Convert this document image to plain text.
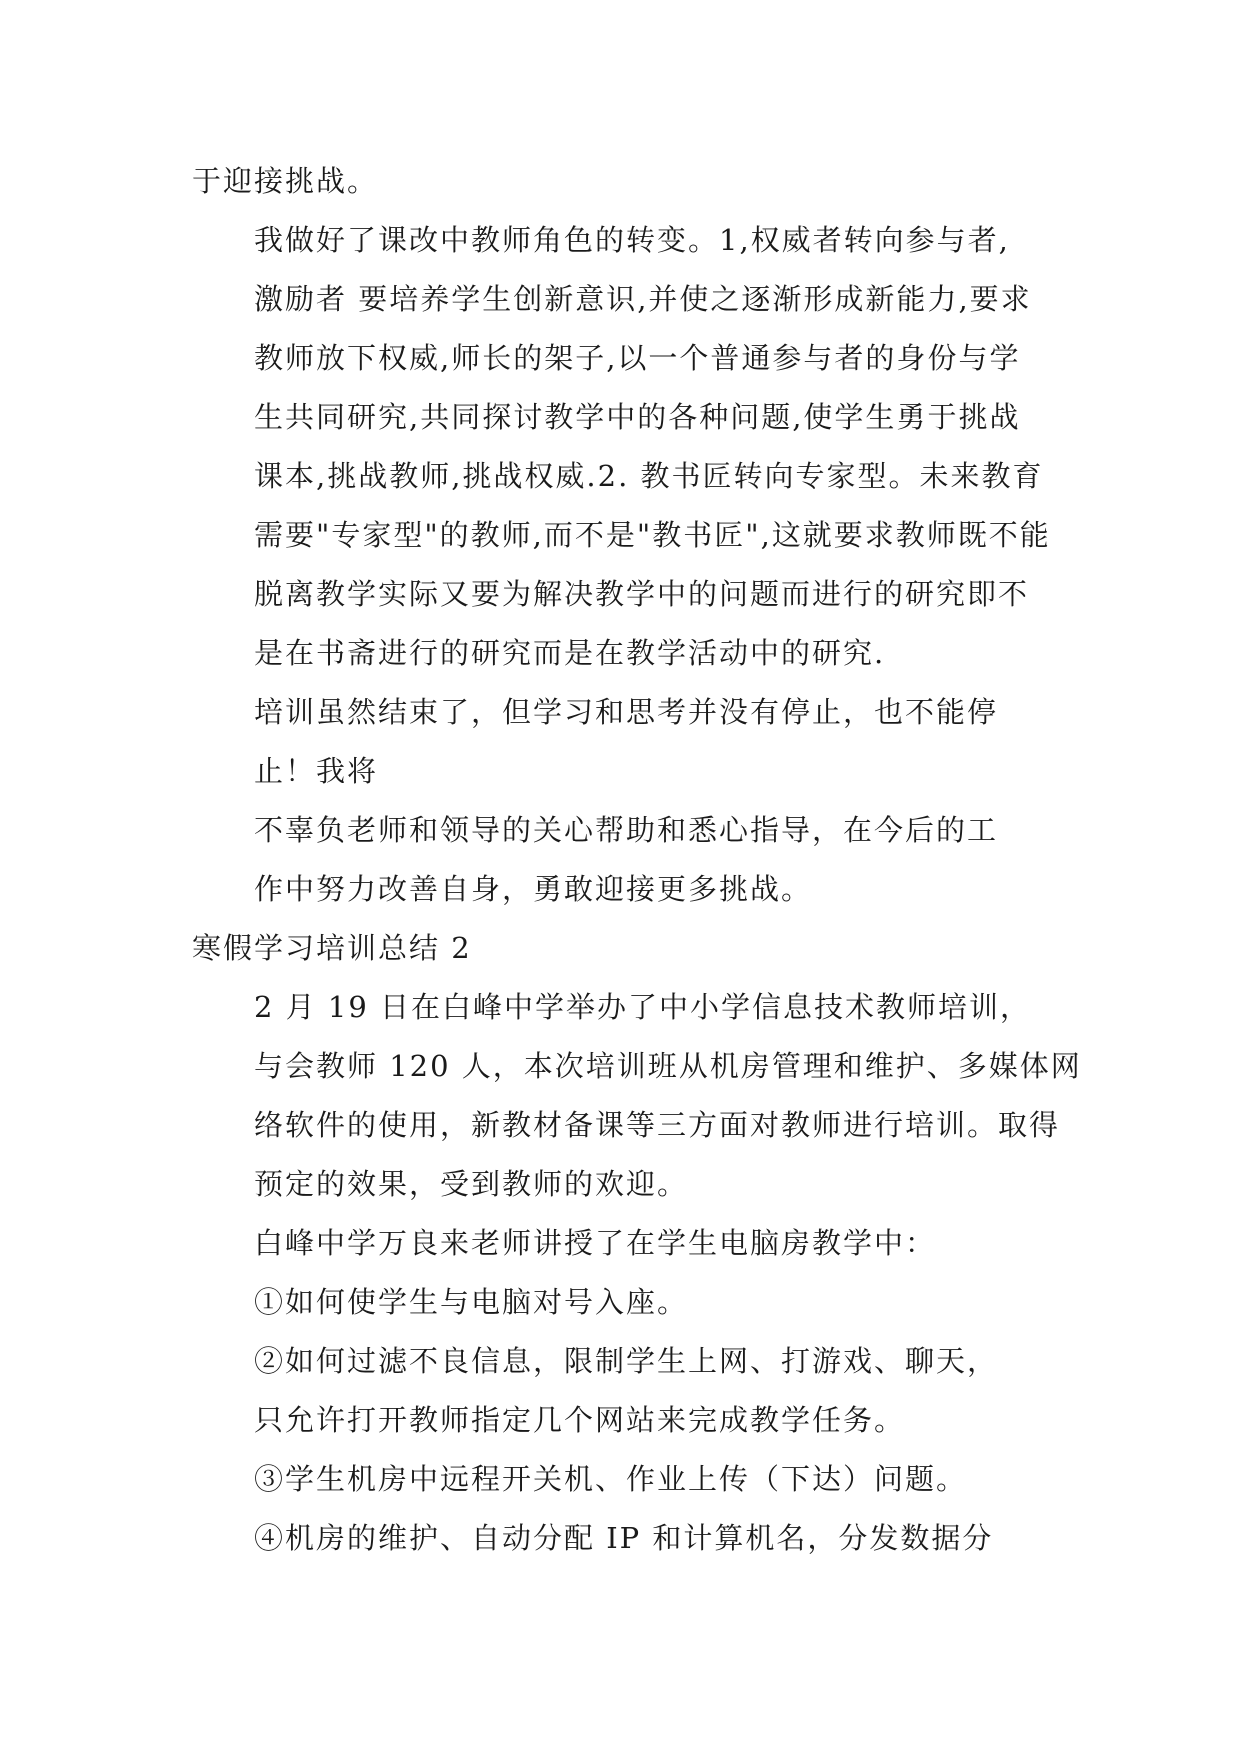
于迎接挑战。

我做好了课改中教师角色的转变。1,权威者转向参与者,
激励者 要培养学生创新意识,并使之逐渐形成新能力,要求
教师放下权威,师长的架子,以一个普通参与者的身份与学
生共同研究,共同探讨教学中的各种问题,使学生勇于挑战
课本,挑战教师,挑战权威.2. 教书匠转向专家型。未来教育
需要"专家型"的教师,而不是"教书匠",这就要求教师既不能
脱离教学实际又要为解决教学中的问题而进行的研究即不
是在书斋进行的研究而是在教学活动中的研究.

培训虽然结束了，但学习和思考并没有停止，也不能停
止！我将

不辜负老师和领导的关心帮助和悉心指导，在今后的工
作中努力改善自身，勇敢迎接更多挑战。

寒假学习培训总结 2

2 月 19 日在白峰中学举办了中小学信息技术教师培训，
与会教师 120 人，本次培训班从机房管理和维护、多媒体网
络软件的使用，新教材备课等三方面对教师进行培训。取得
预定的效果，受到教师的欢迎。

白峰中学万良来老师讲授了在学生电脑房教学中：

①如何使学生与电脑对号入座。

②如何过滤不良信息，限制学生上网、打游戏、聊天，
只允许打开教师指定几个网站来完成教学任务。

③学生机房中远程开关机、作业上传（下达）问题。

④机房的维护、自动分配 IP 和计算机名，分发数据分
